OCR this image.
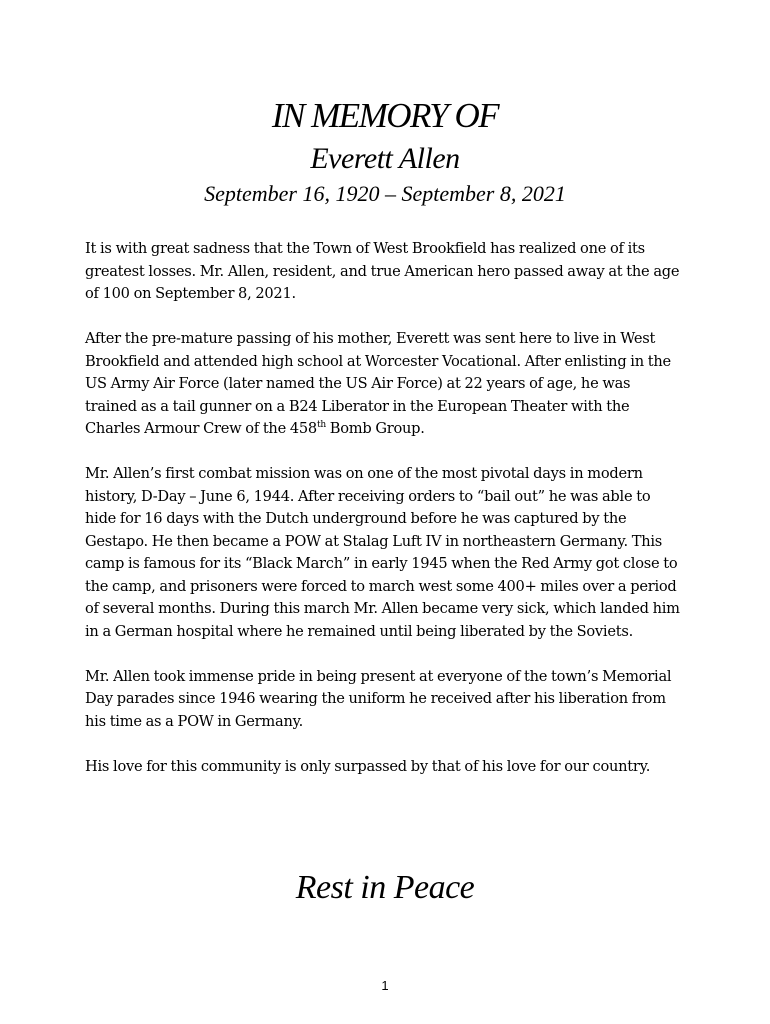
IN MEMORY OF
Everett Allen
September 16, 1920 – September 8, 2021

It is with great sadness that the Town of West Brookfield has realized one of its greatest losses. Mr. Allen, resident, and true American hero passed away at the age of 100 on September 8, 2021.

After the pre-mature passing of his mother, Everett was sent here to live in West Brookfield and attended high school at Worcester Vocational. After enlisting in the US Army Air Force (later named the US Air Force) at 22 years of age, he was trained as a tail gunner on a B24 Liberator in the European Theater with the Charles Armour Crew of the 458th Bomb Group.

Mr. Allen’s first combat mission was on one of the most pivotal days in modern history, D-Day – June 6, 1944. After receiving orders to “bail out” he was able to hide for 16 days with the Dutch underground before he was captured by the Gestapo. He then became a POW at Stalag Luft IV in northeastern Germany. This camp is famous for its “Black March” in early 1945 when the Red Army got close to the camp, and prisoners were forced to march west some 400+ miles over a period of several months. During this march Mr. Allen became very sick, which landed him in a German hospital where he remained until being liberated by the Soviets.

Mr. Allen took immense pride in being present at everyone of the town’s Memorial Day parades since 1946 wearing the uniform he received after his liberation from his time as a POW in Germany.

His love for this community is only surpassed by that of his love for our country.

Rest in Peace
1
